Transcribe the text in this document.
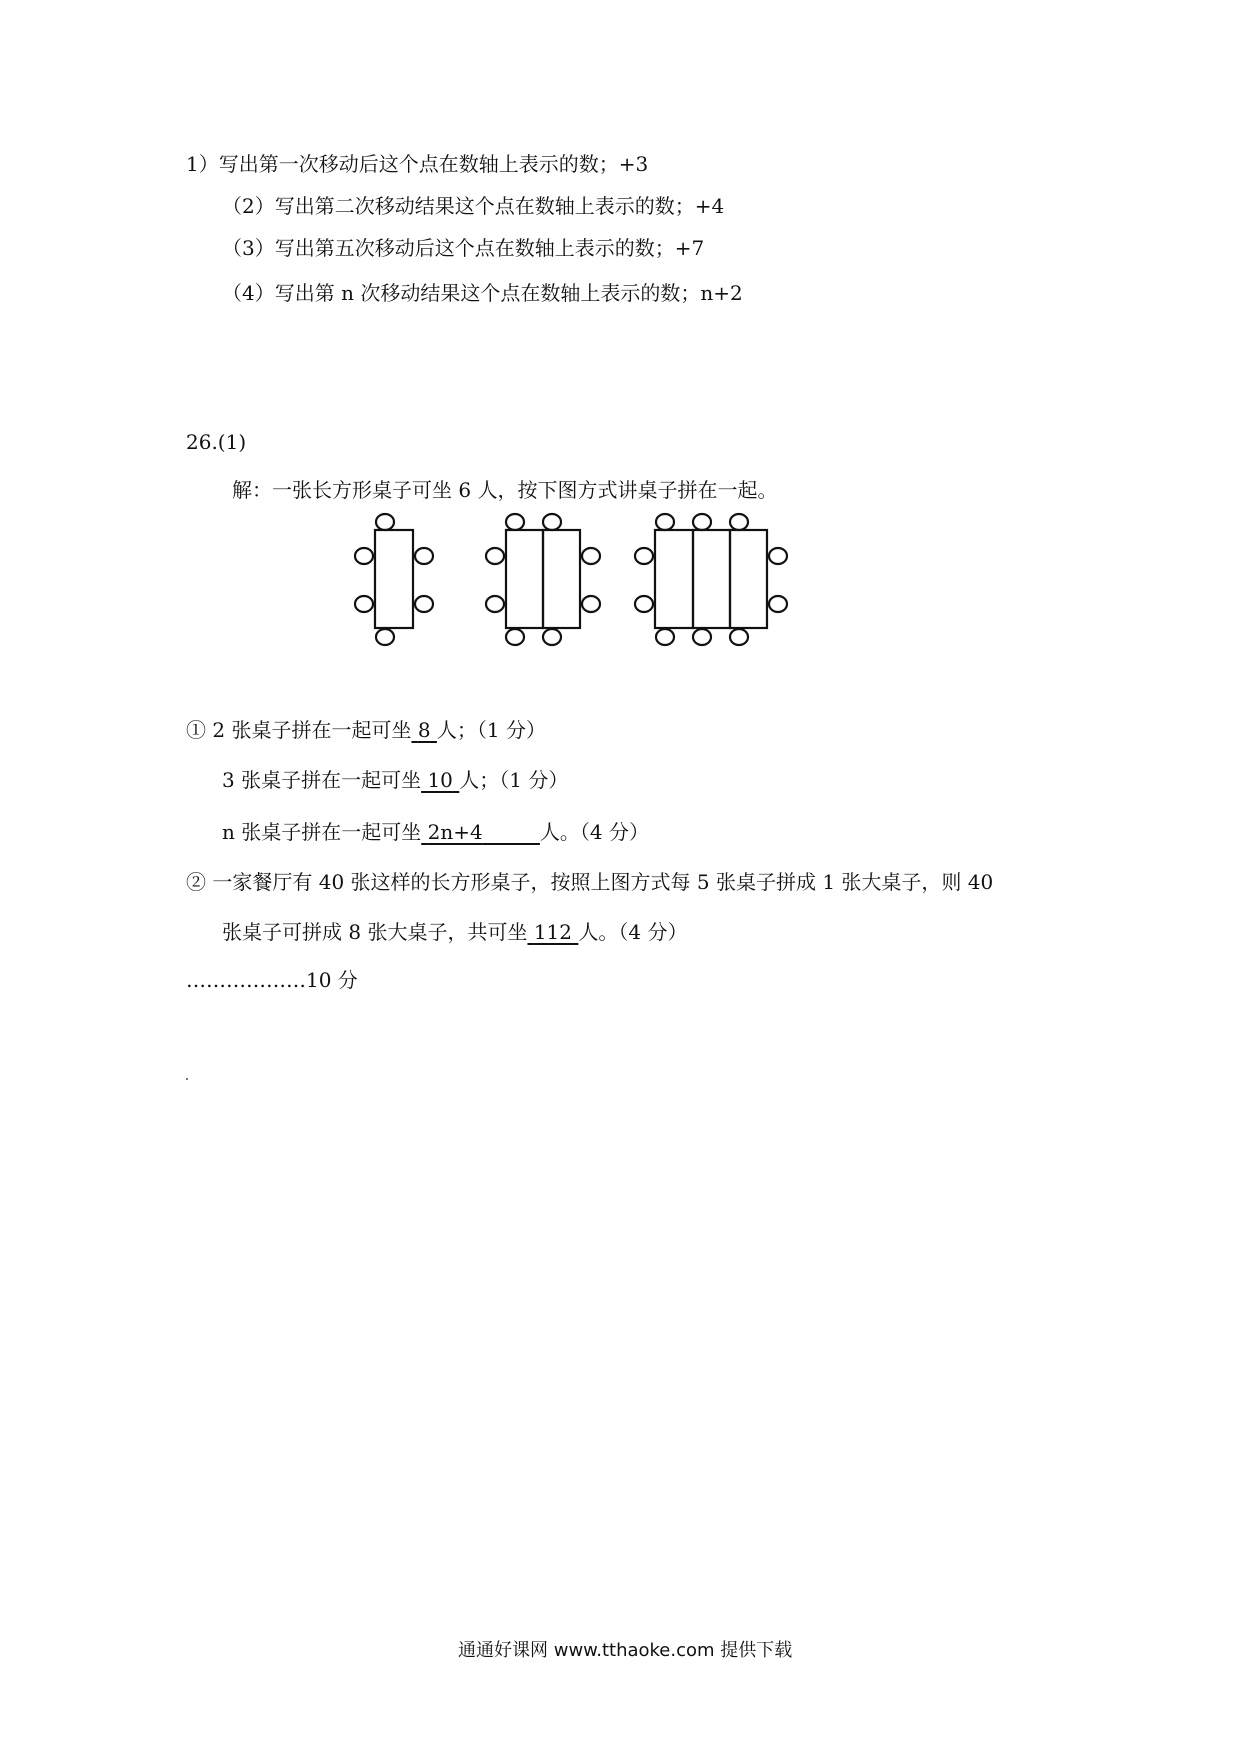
1）写出第一次移动后这个点在数轴上表示的数；+3
（2）写出第二次移动结果这个点在数轴上表示的数；+4
（3）写出第五次移动后这个点在数轴上表示的数；+7
（4）写出第 n 次移动结果这个点在数轴上表示的数；n+2
26.(1)
解：一张长方形桌子可坐 6 人，按下图方式讲桌子拼在一起。
① 2 张桌子拼在一起可坐 8 人；（1 分）
3 张桌子拼在一起可坐 10 人；（1 分）
n 张桌子拼在一起可坐 2n+4	人。（4 分）
② 一家餐厅有 40 张这样的长方形桌子，按照上图方式每 5 张桌子拼成 1 张大桌子，则 40
张桌子可拼成 8 张大桌子，共可坐 112 人。（4 分）
………………10 分
通通好课网 www.tthaoke.com 提供下载
